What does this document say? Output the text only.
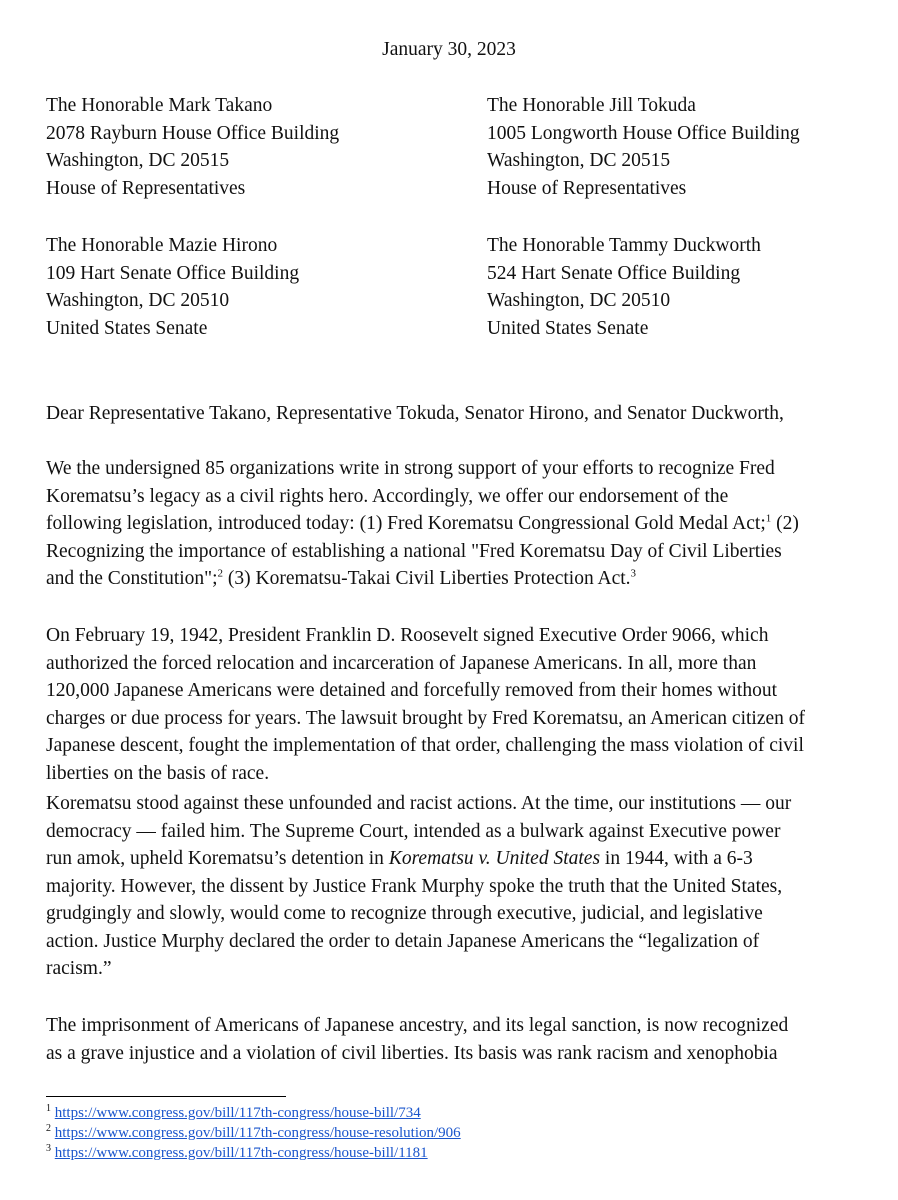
January 30, 2023
The Honorable Mark Takano
2078 Rayburn House Office Building
Washington, DC 20515
House of Representatives
The Honorable Jill Tokuda
1005 Longworth House Office Building
Washington, DC 20515
House of Representatives
The Honorable Mazie Hirono
109 Hart Senate Office Building
Washington, DC 20510
United States Senate
The Honorable Tammy Duckworth
524 Hart Senate Office Building
Washington, DC 20510
United States Senate
Dear Representative Takano, Representative Tokuda, Senator Hirono, and Senator Duckworth,
We the undersigned 85 organizations write in strong support of your efforts to recognize Fred
Korematsu’s legacy as a civil rights hero. Accordingly, we offer our endorsement of the
following legislation, introduced today: (1) Fred Korematsu Congressional Gold Medal Act;$^1$ (2)
Recognizing the importance of establishing a national "Fred Korematsu Day of Civil Liberties
and the Constitution";$^2$ (3) Korematsu-Takai Civil Liberties Protection Act.$^3$
On February 19, 1942, President Franklin D. Roosevelt signed Executive Order 9066, which
authorized the forced relocation and incarceration of Japanese Americans. In all, more than
120,000 Japanese Americans were detained and forcefully removed from their homes without
charges or due process for years. The lawsuit brought by Fred Korematsu, an American citizen of
Japanese descent, fought the implementation of that order, challenging the mass violation of civil
liberties on the basis of race.
Korematsu stood against these unfounded and racist actions. At the time, our institutions — our
democracy — failed him. The Supreme Court, intended as a bulwark against Executive power
run amok, upheld Korematsu’s detention in Korematsu v. United States in 1944, with a 6-3
majority. However, the dissent by Justice Frank Murphy spoke the truth that the United States,
grudgingly and slowly, would come to recognize through executive, judicial, and legislative
action. Justice Murphy declared the order to detain Japanese Americans the “legalization of
racism.”
The imprisonment of Americans of Japanese ancestry, and its legal sanction, is now recognized
as a grave injustice and a violation of civil liberties. Its basis was rank racism and xenophobia
$^1$ https://www.congress.gov/bill/117th-congress/house-bill/734
$^2$ https://www.congress.gov/bill/117th-congress/house-resolution/906
$^3$ https://www.congress.gov/bill/117th-congress/house-bill/1181
